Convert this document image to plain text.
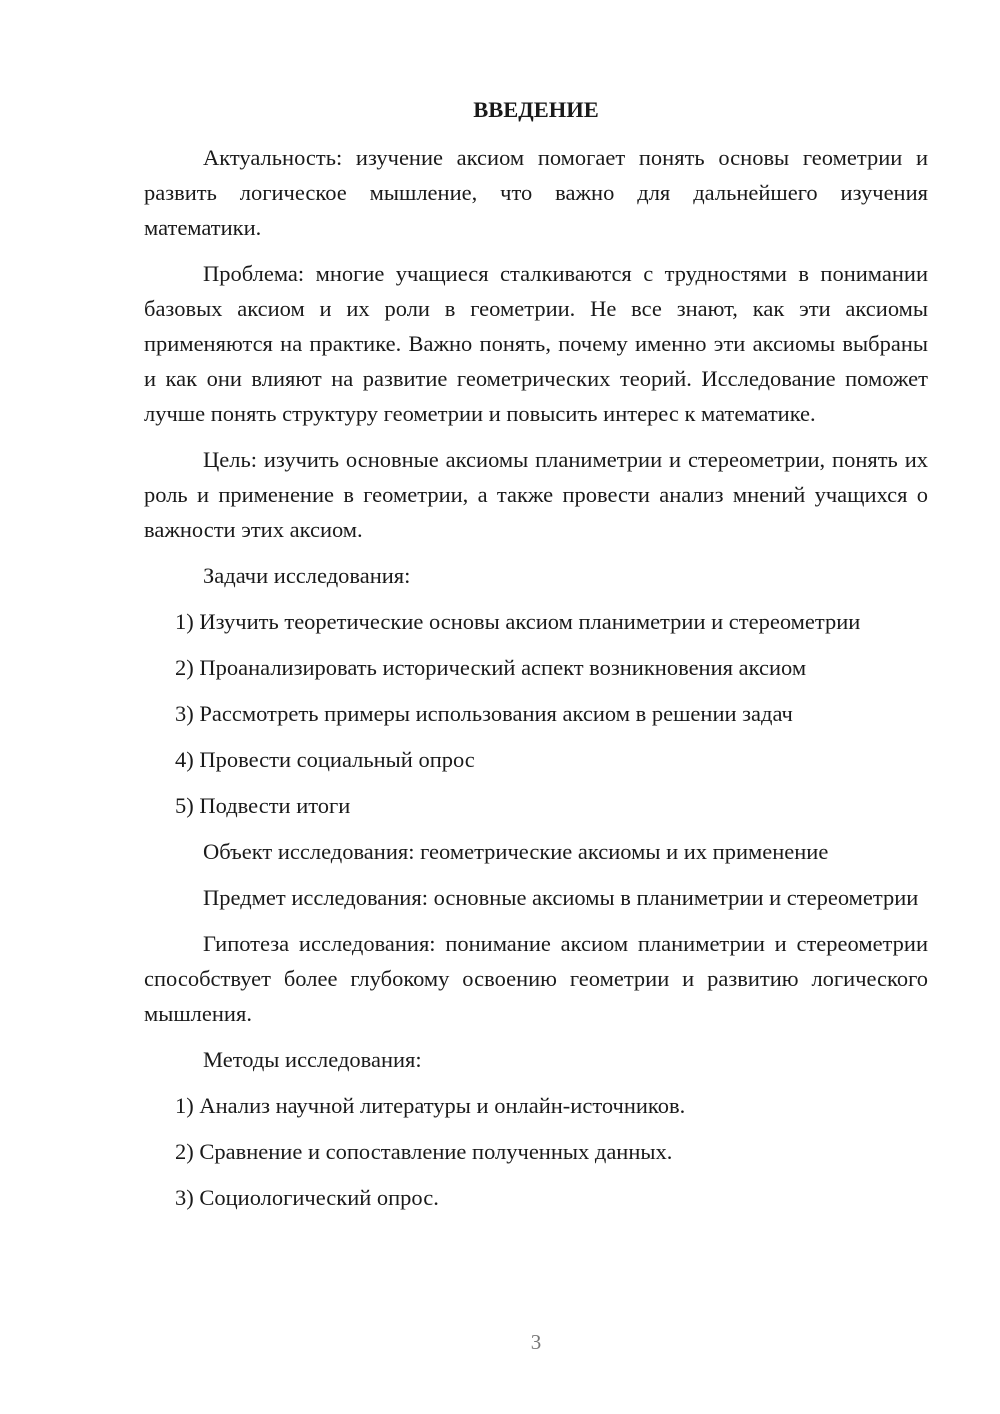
ВВЕДЕНИЕ

Актуальность: изучение аксиом помогает понять основы геометрии и развить логическое мышление, что важно для дальнейшего изучения математики.

Проблема: многие учащиеся сталкиваются с трудностями в понимании базовых аксиом и их роли в геометрии. Не все знают, как эти аксиомы применяются на практике. Важно понять, почему именно эти аксиомы выбраны и как они влияют на развитие геометрических теорий. Исследование поможет лучше понять структуру геометрии и повысить интерес к математике.

Цель: изучить основные аксиомы планиметрии и стереометрии, понять их роль и применение в геометрии, а также провести анализ мнений учащихся о важности этих аксиом.

Задачи исследования:

1) Изучить теоретические основы аксиом планиметрии и стереометрии
2) Проанализировать исторический аспект возникновения аксиом
3) Рассмотреть примеры использования аксиом в решении задач
4) Провести социальный опрос
5) Подвести итоги

Объект исследования: геометрические аксиомы и их применение

Предмет исследования: основные аксиомы в планиметрии и стереометрии

Гипотеза исследования: понимание аксиом планиметрии и стереометрии способствует более глубокому освоению геометрии и развитию логического мышления.

Методы исследования:

1) Анализ научной литературы и онлайн-источников.
2) Сравнение и сопоставление полученных данных.
3) Социологический опрос.
3
